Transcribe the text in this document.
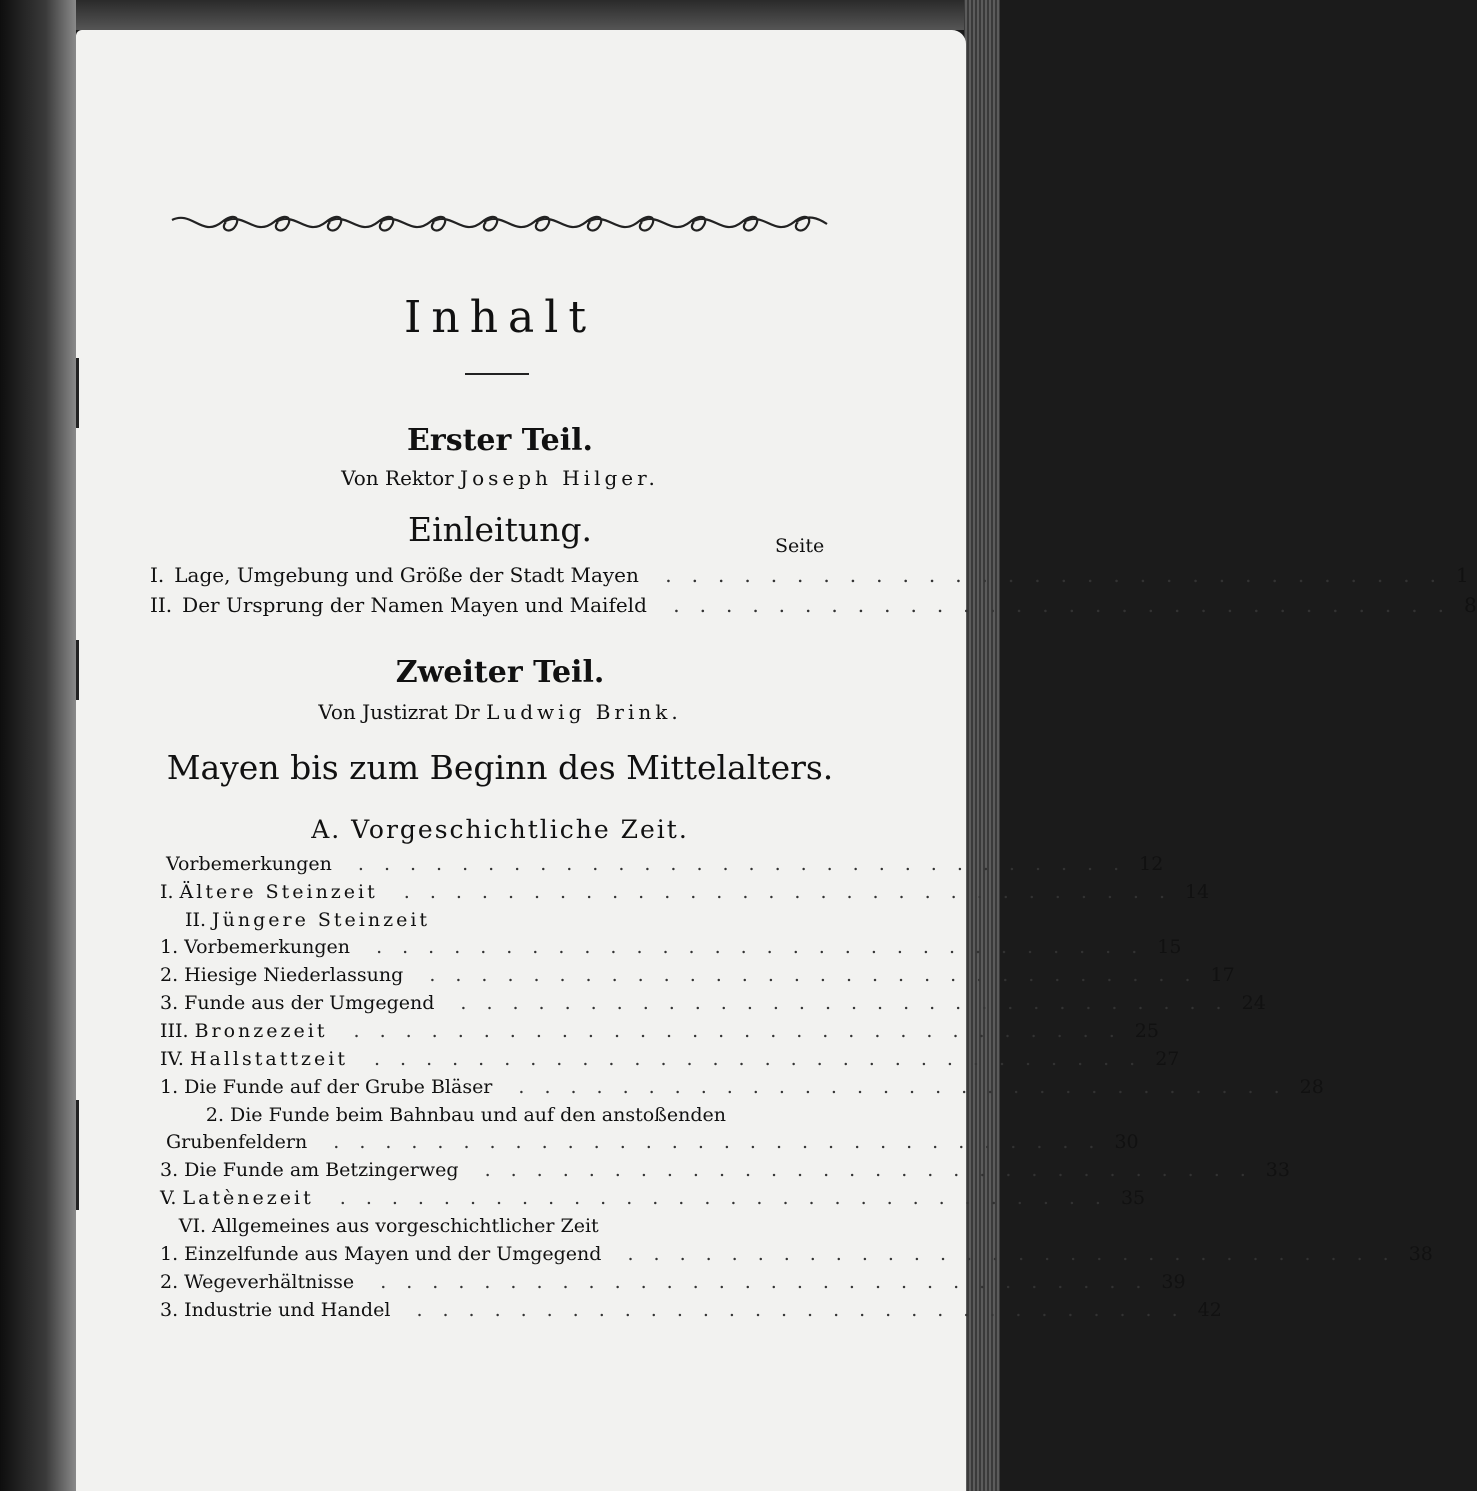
Inhalt
Erster Teil.
Von Rektor Joseph Hilger.
Einleitung.	Seite
I. Lage, Umgebung und Größe der Stadt Mayen .............................. 1
II. Der Ursprung der Namen Mayen und Maifeld .............................. 8
Zweiter Teil.
Von Justizrat Dr Ludwig Brink.
Mayen bis zum Beginn des Mittelalters.
A. Vorgeschichtliche Zeit.
Vorbemerkungen .............................. 12
I. Ältere Steinzeit .............................. 14
II. Jüngere Steinzeit
1. Vorbemerkungen .............................. 15
2. Hiesige Niederlassung .............................. 17
3. Funde aus der Umgegend .............................. 24
III. Bronzezeit .............................. 25
IV. Hallstattzeit .............................. 27
1. Die Funde auf der Grube Bläser .............................. 28
2. Die Funde beim Bahnbau und auf den anstoßenden
Grubenfeldern .............................. 30
3. Die Funde am Betzingerweg .............................. 33
V. Latènezeit .............................. 35
VI. Allgemeines aus vorgeschichtlicher Zeit
1. Einzelfunde aus Mayen und der Umgegend .............................. 38
2. Wegeverhältnisse .............................. 39
3. Industrie und Handel .............................. 42
